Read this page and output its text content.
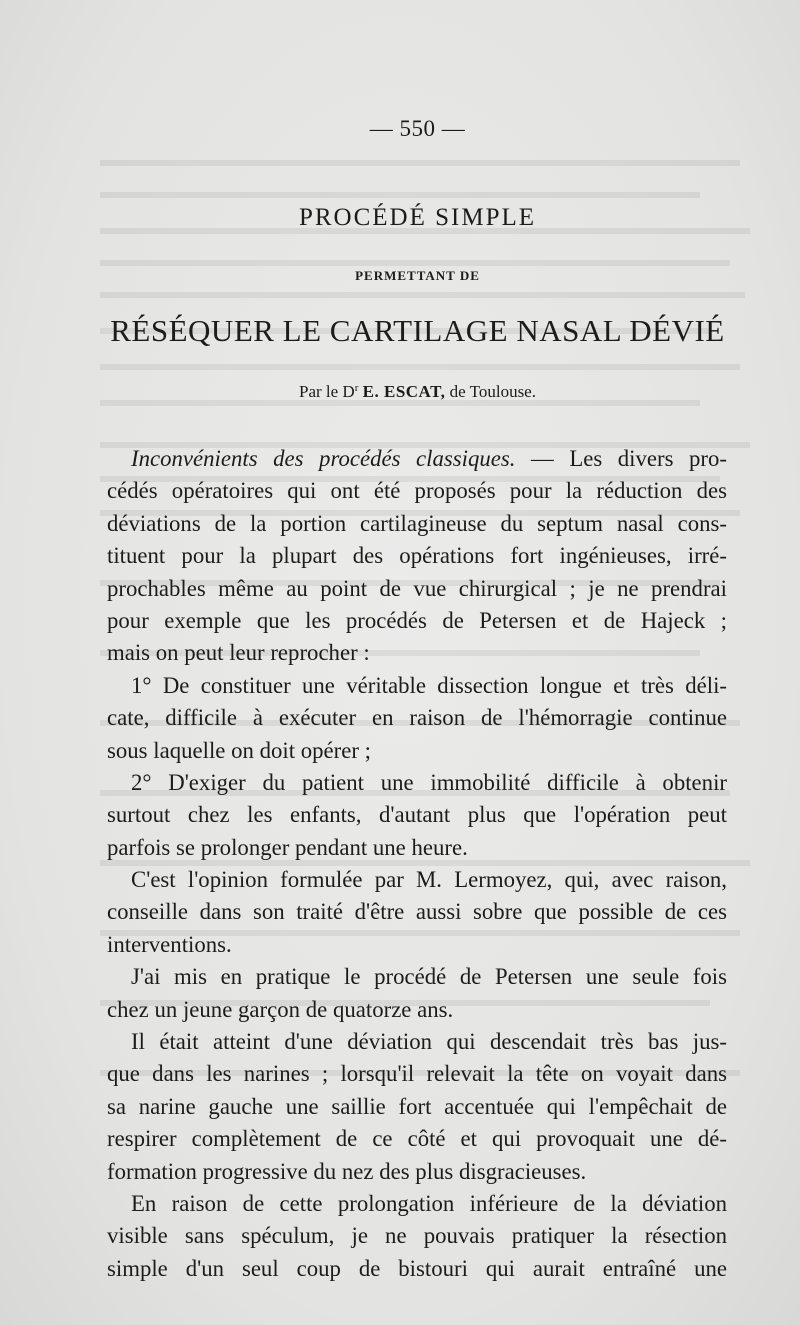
— 550 —
PROCÉDÉ SIMPLE
PERMETTANT DE
RÉSÉQUER LE CARTILAGE NASAL DÉVIÉ
Par le $D^r$ E. ESCAT, de Toulouse.
Inconvénients des procédés classiques. — Les divers pro-
cédés opératoires qui ont été proposés pour la réduction des
déviations de la portion cartilagineuse du septum nasal cons-
tituent pour la plupart des opérations fort ingénieuses, irré-
prochables même au point de vue chirurgical ; je ne prendrai
pour exemple que les procédés de Petersen et de Hajeck ;
mais on peut leur reprocher :
1° De constituer une véritable dissection longue et très déli-
cate, difficile à exécuter en raison de l'hémorragie continue
sous laquelle on doit opérer ;
2° D'exiger du patient une immobilité difficile à obtenir
surtout chez les enfants, d'autant plus que l'opération peut
parfois se prolonger pendant une heure.
C'est l'opinion formulée par M. Lermoyez, qui, avec raison,
conseille dans son traité d'être aussi sobre que possible de ces
interventions.
J'ai mis en pratique le procédé de Petersen une seule fois
chez un jeune garçon de quatorze ans.
Il était atteint d'une déviation qui descendait très bas jus-
que dans les narines ; lorsqu'il relevait la tête on voyait dans
sa narine gauche une saillie fort accentuée qui l'empêchait de
respirer complètement de ce côté et qui provoquait une dé-
formation progressive du nez des plus disgracieuses.
En raison de cette prolongation inférieure de la déviation
visible sans spéculum, je ne pouvais pratiquer la résection
simple d'un seul coup de bistouri qui aurait entraîné une
